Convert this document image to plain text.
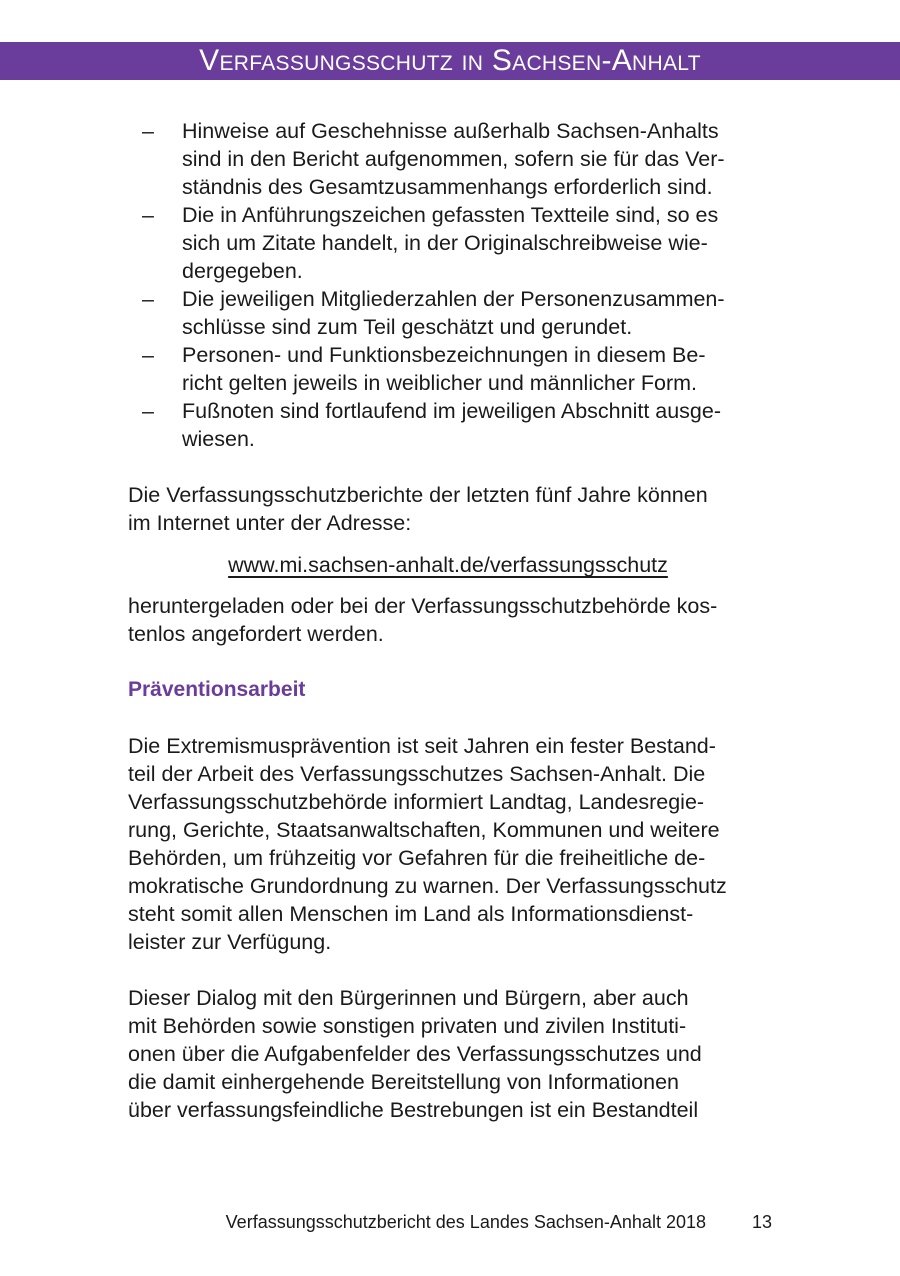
Verfassungsschutz in Sachsen-Anhalt
– Hinweise auf Geschehnisse außerhalb Sachsen-Anhalts
sind in den Bericht aufgenommen, sofern sie für das Ver-
ständnis des Gesamtzusammenhangs erforderlich sind.
– Die in Anführungszeichen gefassten Textteile sind, so es
sich um Zitate handelt, in der Originalschreibweise wie-
dergegeben.
– Die jeweiligen Mitgliederzahlen der Personenzusammen-
schlüsse sind zum Teil geschätzt und gerundet.
– Personen- und Funktionsbezeichnungen in diesem Be-
richt gelten jeweils in weiblicher und männlicher Form.
– Fußnoten sind fortlaufend im jeweiligen Abschnitt ausge-
wiesen.

Die Verfassungsschutzberichte der letzten fünf Jahre können
im Internet unter der Adresse:

www.mi.sachsen-anhalt.de/verfassungsschutz

heruntergeladen oder bei der Verfassungsschutzbehörde kos-
tenlos angefordert werden.

Präventionsarbeit

Die Extremismusprävention ist seit Jahren ein fester Bestand-
teil der Arbeit des Verfassungsschutzes Sachsen-Anhalt. Die
Verfassungsschutzbehörde informiert Landtag, Landesregie-
rung, Gerichte, Staatsanwaltschaften, Kommunen und weitere
Behörden, um frühzeitig vor Gefahren für die freiheitliche de-
mokratische Grundordnung zu warnen. Der Verfassungsschutz
steht somit allen Menschen im Land als Informationsdienst-
leister zur Verfügung.

Dieser Dialog mit den Bürgerinnen und Bürgern, aber auch
mit Behörden sowie sonstigen privaten und zivilen Instituti-
onen über die Aufgabenfelder des Verfassungsschutzes und
die damit einhergehende Bereitstellung von Informationen
über verfassungsfeindliche Bestrebungen ist ein Bestandteil

Verfassungsschutzbericht des Landes Sachsen-Anhalt 2018	13
